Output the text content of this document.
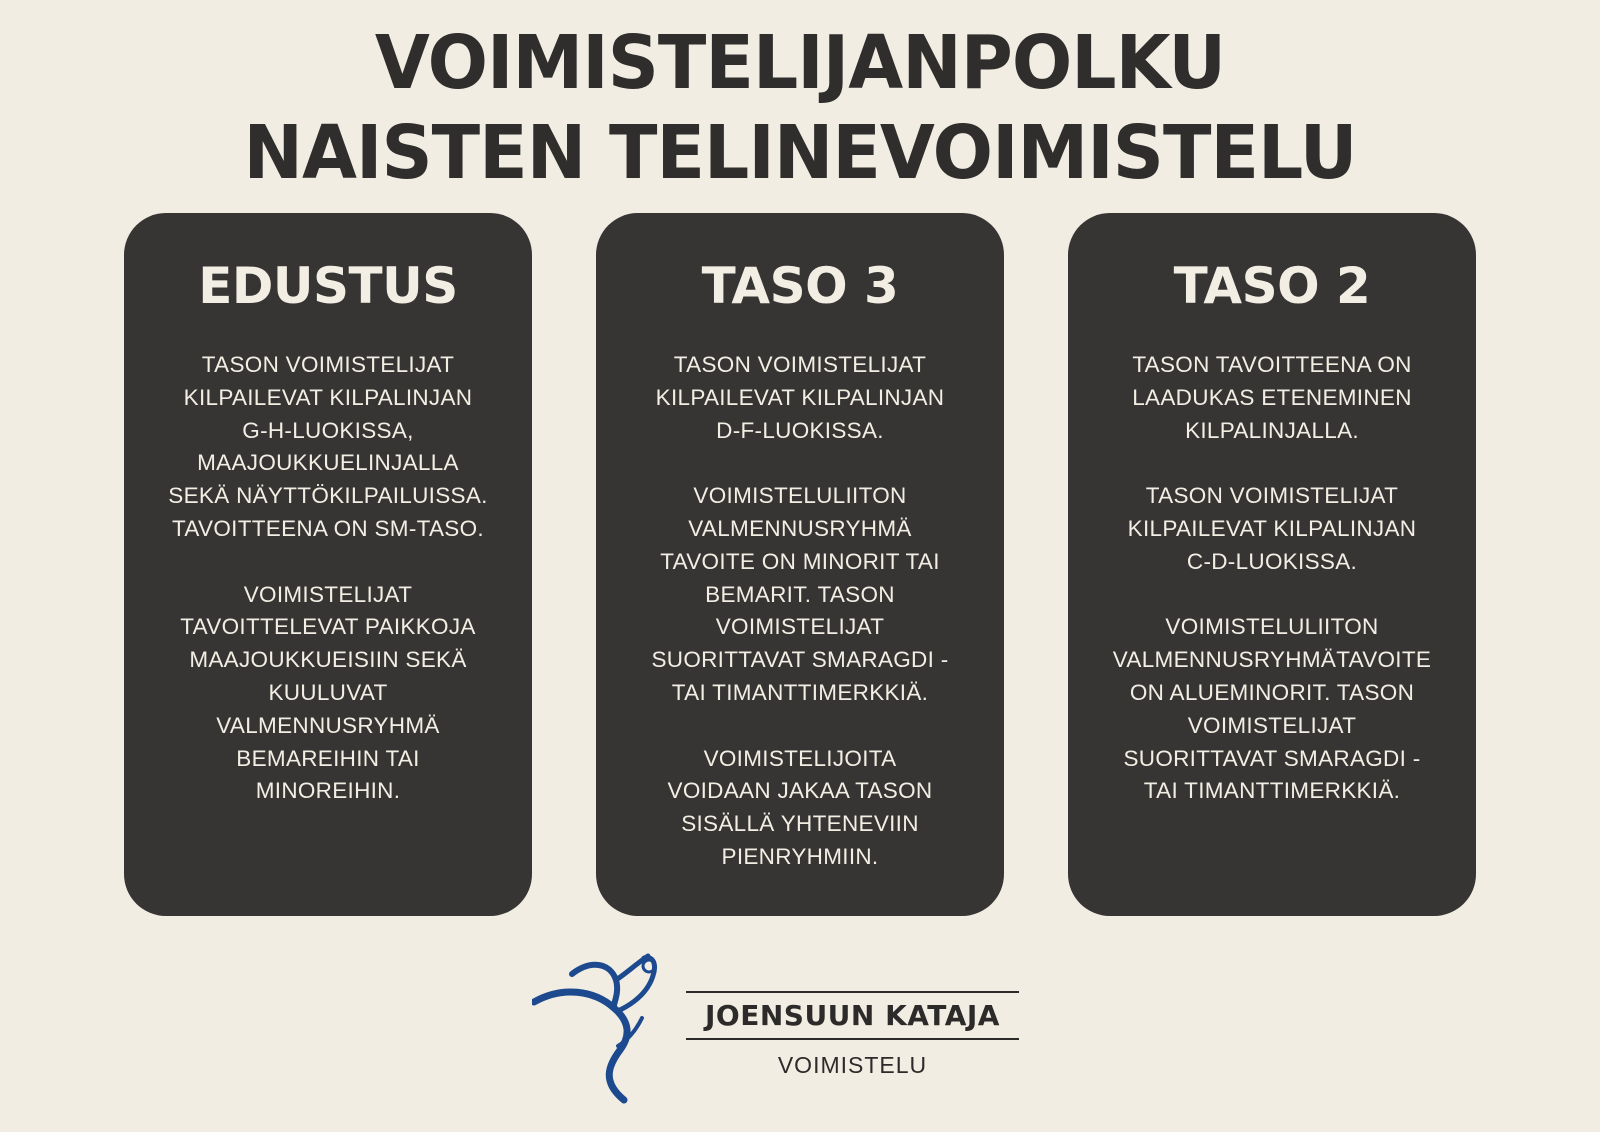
VOIMISTELIJANPOLKU
NAISTEN TELINEVOIMISTELU
EDUSTUS
TASON VOIMISTELIJAT
KILPAILEVAT KILPALINJAN
G-H-LUOKISSA,
MAAJOUKKUELINJALLA
SEKÄ NÄYTTÖKILPAILUISSA.
TAVOITTEENA ON SM-TASO.
VOIMISTELIJAT
TAVOITTELEVAT PAIKKOJA
MAAJOUKKUEISIIN SEKÄ
KUULUVAT
VALMENNUSRYHMÄ
BEMAREIHIN TAI
MINOREIHIN.
TASO 3
TASON VOIMISTELIJAT
KILPAILEVAT KILPALINJAN
D-F-LUOKISSA.
VOIMISTELULIITON
VALMENNUSRYHMÄ
TAVOITE ON MINORIT TAI
BEMARIT. TASON
VOIMISTELIJAT
SUORITTAVAT SMARAGDI -
TAI TIMANTTIMERKKIÄ.
VOIMISTELIJOITA
VOIDAAN JAKAA TASON
SISÄLLÄ YHTENEVIIN
PIENRYHMIIN.
TASO 2
TASON TAVOITTEENA ON
LAADUKAS ETENEMINEN
KILPALINJALLA.
TASON VOIMISTELIJAT
KILPAILEVAT KILPALINJAN
C-D-LUOKISSA.
VOIMISTELULIITON
VALMENNUSRYHMÄTAVOITE
ON ALUEMINORIT. TASON
VOIMISTELIJAT
SUORITTAVAT SMARAGDI -
TAI TIMANTTIMERKKIÄ.
JOENSUUN KATAJA
VOIMISTELU
